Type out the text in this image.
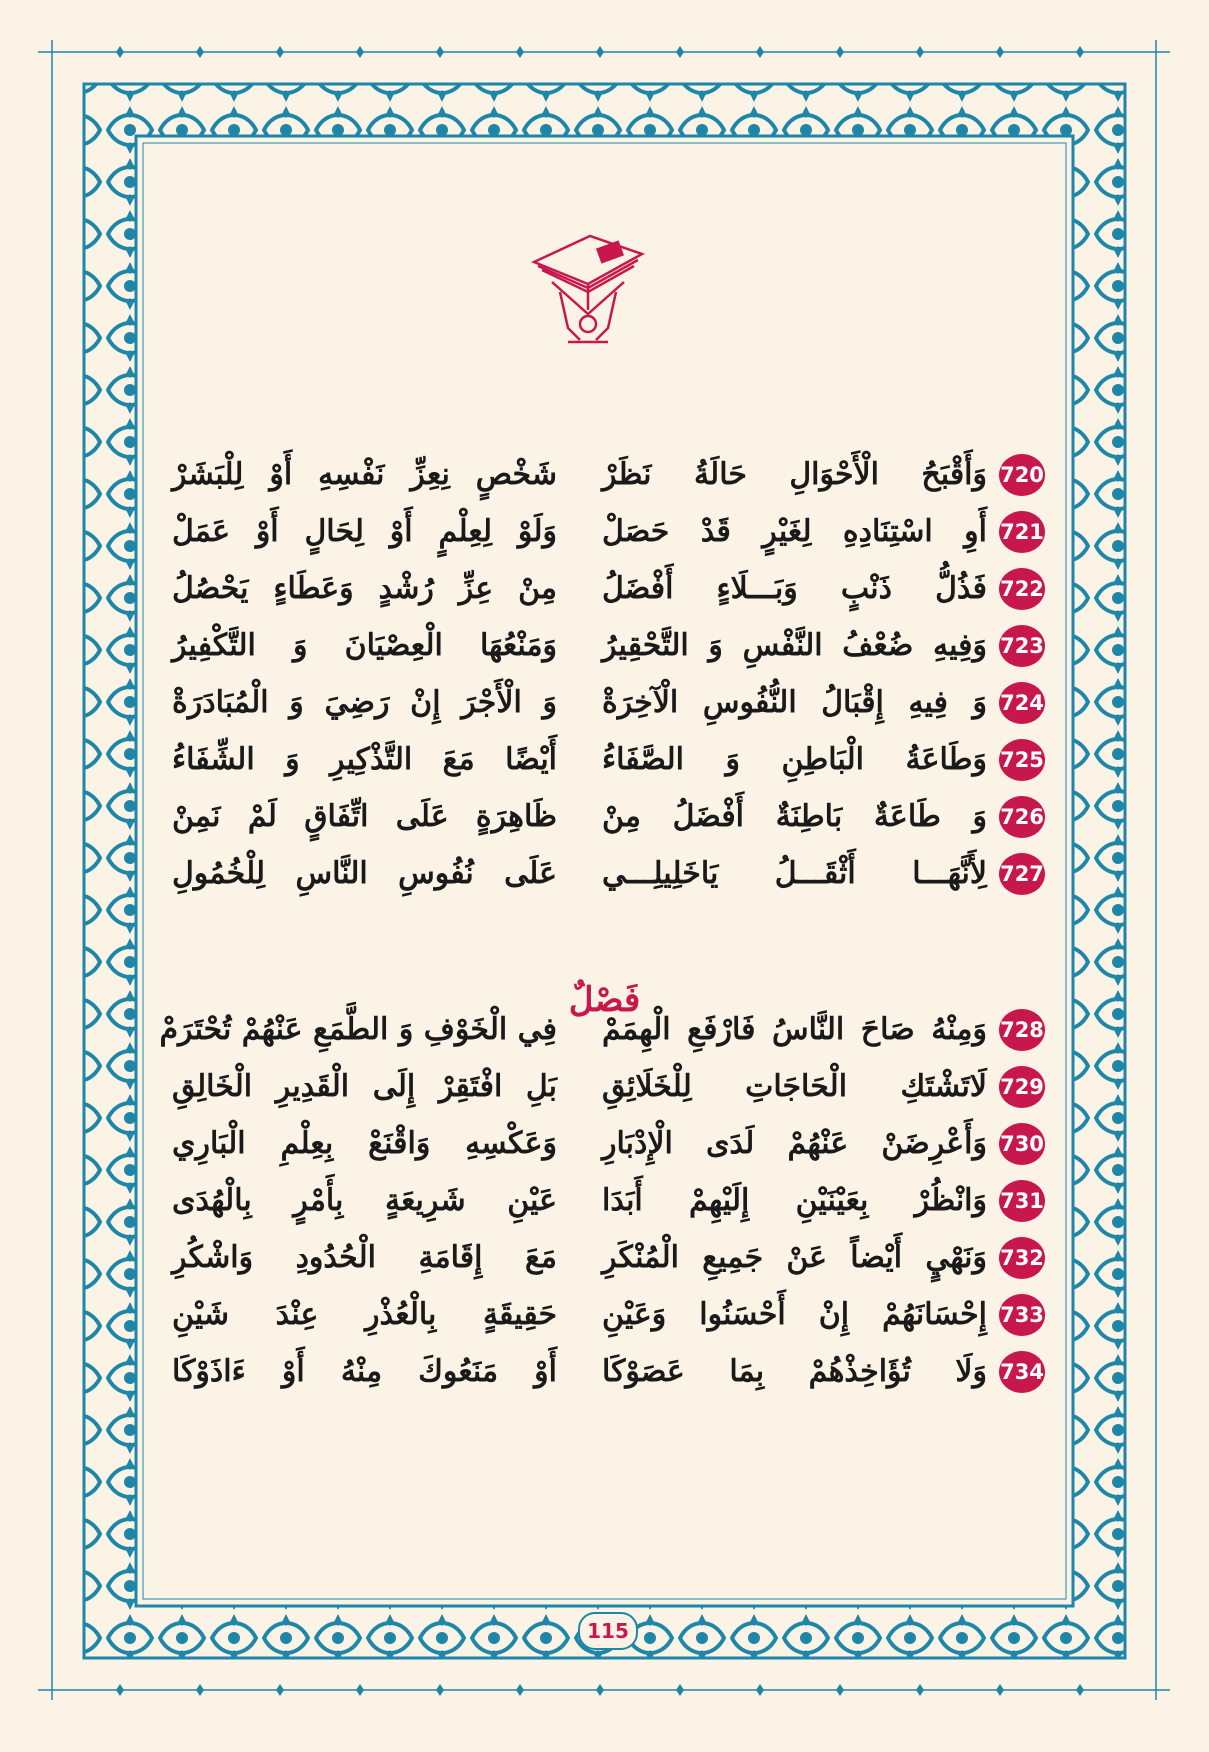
720
وَأَقْبَحُ الْأَحْوَالِ حَالَةُ نَظَرْ
شَخْصٍ نِعِزِّ نَفْسِهِ أَوْ لِلْبَشَرْ
721
أَوِ اسْتِنَادِهِ لِغَيْرٍ قَدْ حَصَلْ
وَلَوْ لِعِلْمٍ أَوْ لِحَالٍ أَوْ عَمَلْ
722
فَذُلُّ ذَنْبٍ وَبَـــلَاءٍ أَفْضَلُ
مِنْ عِزِّ رُشْدٍ وَعَطَاءٍ يَحْصُلُ
723
وَفِيهِ ضُعْفُ النَّفْسِ وَ التَّحْقِيرُ
وَمَنْعُهَا الْعِصْيَانَ وَ التَّكْفِيرُ
724
وَ فِيهِ إِقْبَالُ النُّفُوسِ الْآخِرَةْ
وَ الْأَجْرَ إِنْ رَضِيَ وَ الْمُبَادَرَةْ
725
وَطَاعَةُ الْبَاطِنِ وَ الصَّفَاءُ
أَيْضًا مَعَ التَّذْكِيرِ وَ الشِّفَاءُ
726
وَ طَاعَةٌ بَاطِنَةٌ أَفْضَلُ مِنْ
ظَاهِرَةٍ عَلَى اتِّفَاقٍ لَمْ نَمِنْ
727
لِأَنَّهَـــا أَثْقَـــلُ يَاخَلِيلِـــي
عَلَى نُفُوسِ النَّاسِ لِلْخُمُولِ
728
وَمِنْهُ صَاحَ النَّاسُ فَارْفَعِ الْهِمَمْ
فِي الْخَوْفِ وَ الطَّمَعِ عَنْهُمْ تُحْتَرَمْ
729
لَاتَشْتَكِ الْحَاجَاتِ لِلْخَلَائِقِ
بَلِ افْتَقِرْ إِلَى الْقَدِيرِ الْخَالِقِ
730
وَأَعْرِضَنْ عَنْهُمْ لَدَى الْإِدْبَارِ
وَعَكْسِهِ وَاقْنَعْ بِعِلْمِ الْبَارِي
731
وَانْظُرْ بِعَيْنَيْنِ إِلَيْهِمْ أَبَدَا
عَيْنِ شَرِيعَةٍ بِأَمْرٍ بِالْهُدَى
732
وَنَهْيٍ أَيْضاً عَنْ جَمِيعِ الْمُنْكَرِ
مَعَ إِقَامَةِ الْحُدُودِ وَاشْكُرِ
733
إِحْسَانَهُمْ إِنْ أَحْسَنُوا وَعَيْنِ
حَقِيقَةٍ بِالْعُذْرِ عِنْدَ شَيْنِ
734
وَلَا تُؤَاخِذْهُمْ بِمَا عَصَوْكَا
أَوْ مَنَعُوكَ مِنْهُ أَوْ ءَاذَوْكَا
فَصْلٌ
115
